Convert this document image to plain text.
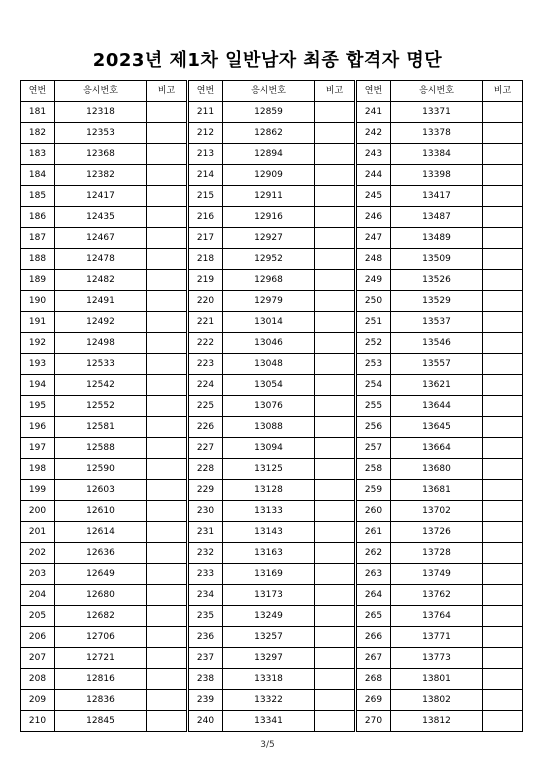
2023년 제1차 일반남자 최종 합격자 명단
연번	응시번호	비고
181	12318	
182	12353	
183	12368	
184	12382	
185	12417	
186	12435	
187	12467	
188	12478	
189	12482	
190	12491	
191	12492	
192	12498	
193	12533	
194	12542	
195	12552	
196	12581	
197	12588	
198	12590	
199	12603	
200	12610	
201	12614	
202	12636	
203	12649	
204	12680	
205	12682	
206	12706	
207	12721	
208	12816	
209	12836	
210	12845	
연번	응시번호	비고
211	12859	
212	12862	
213	12894	
214	12909	
215	12911	
216	12916	
217	12927	
218	12952	
219	12968	
220	12979	
221	13014	
222	13046	
223	13048	
224	13054	
225	13076	
226	13088	
227	13094	
228	13125	
229	13128	
230	13133	
231	13143	
232	13163	
233	13169	
234	13173	
235	13249	
236	13257	
237	13297	
238	13318	
239	13322	
240	13341	
연번	응시번호	비고
241	13371	
242	13378	
243	13384	
244	13398	
245	13417	
246	13487	
247	13489	
248	13509	
249	13526	
250	13529	
251	13537	
252	13546	
253	13557	
254	13621	
255	13644	
256	13645	
257	13664	
258	13680	
259	13681	
260	13702	
261	13726	
262	13728	
263	13749	
264	13762	
265	13764	
266	13771	
267	13773	
268	13801	
269	13802	
270	13812	
3/5
